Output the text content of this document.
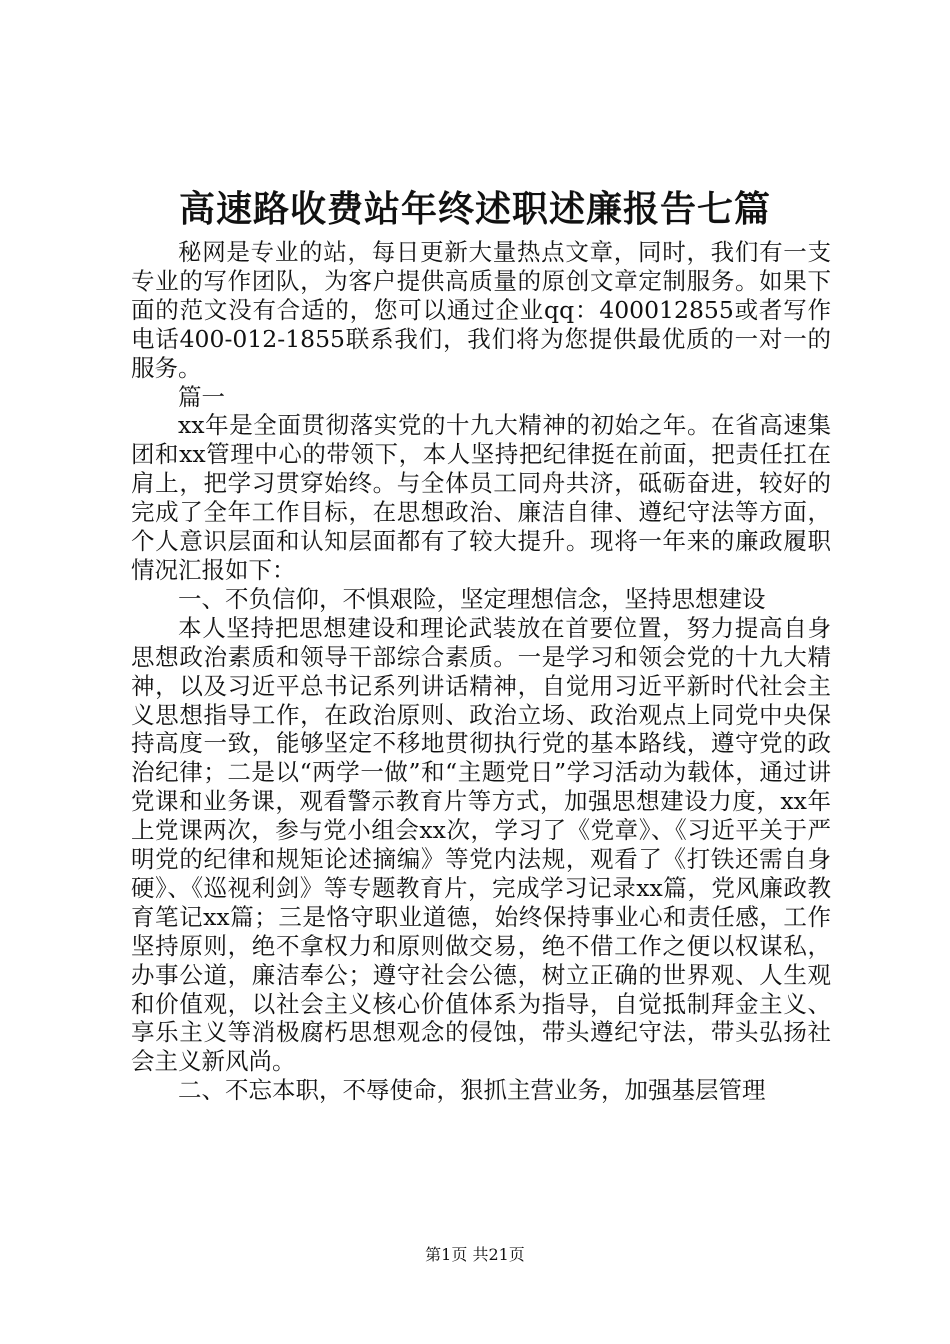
高速路收费站年终述职述廉报告七篇

秘网是专业的站，每日更新大量热点文章，同时，我们有一支专业的写作团队，为客户提供高质量的原创文章定制服务。如果下面的范文没有合适的，您可以通过企业qq：400012855或者写作电话400-012-1855联系我们，我们将为您提供最优质的一对一的服务。

篇一

xx年是全面贯彻落实党的十九大精神的初始之年。在省高速集团和xx管理中心的带领下，本人坚持把纪律挺在前面，把责任扛在肩上，把学习贯穿始终。与全体员工同舟共济，砥砺奋进，较好的完成了全年工作目标，在思想政治、廉洁自律、遵纪守法等方面，个人意识层面和认知层面都有了较大提升。现将一年来的廉政履职情况汇报如下：

一、不负信仰，不惧艰险，坚定理想信念，坚持思想建设

本人坚持把思想建设和理论武装放在首要位置，努力提高自身思想政治素质和领导干部综合素质。一是学习和领会党的十九大精神，以及习近平总书记系列讲话精神，自觉用习近平新时代社会主义思想指导工作，在政治原则、政治立场、政治观点上同党中央保持高度一致，能够坚定不移地贯彻执行党的基本路线，遵守党的政治纪律；二是以“两学一做”和“主题党日”学习活动为载体，通过讲党课和业务课，观看警示教育片等方式，加强思想建设力度，xx年上党课两次，参与党小组会xx次，学习了《党章》、《习近平关于严明党的纪律和规矩论述摘编》等党内法规，观看了《打铁还需自身硬》、《巡视利剑》等专题教育片，完成学习记录xx篇，党风廉政教育笔记xx篇；三是恪守职业道德，始终保持事业心和责任感，工作坚持原则，绝不拿权力和原则做交易，绝不借工作之便以权谋私，办事公道，廉洁奉公；遵守社会公德，树立正确的世界观、人生观和价值观，以社会主义核心价值体系为指导，自觉抵制拜金主义、享乐主义等消极腐朽思想观念的侵蚀，带头遵纪守法，带头弘扬社会主义新风尚。

二、不忘本职，不辱使命，狠抓主营业务，加强基层管理

第1页 共21页
